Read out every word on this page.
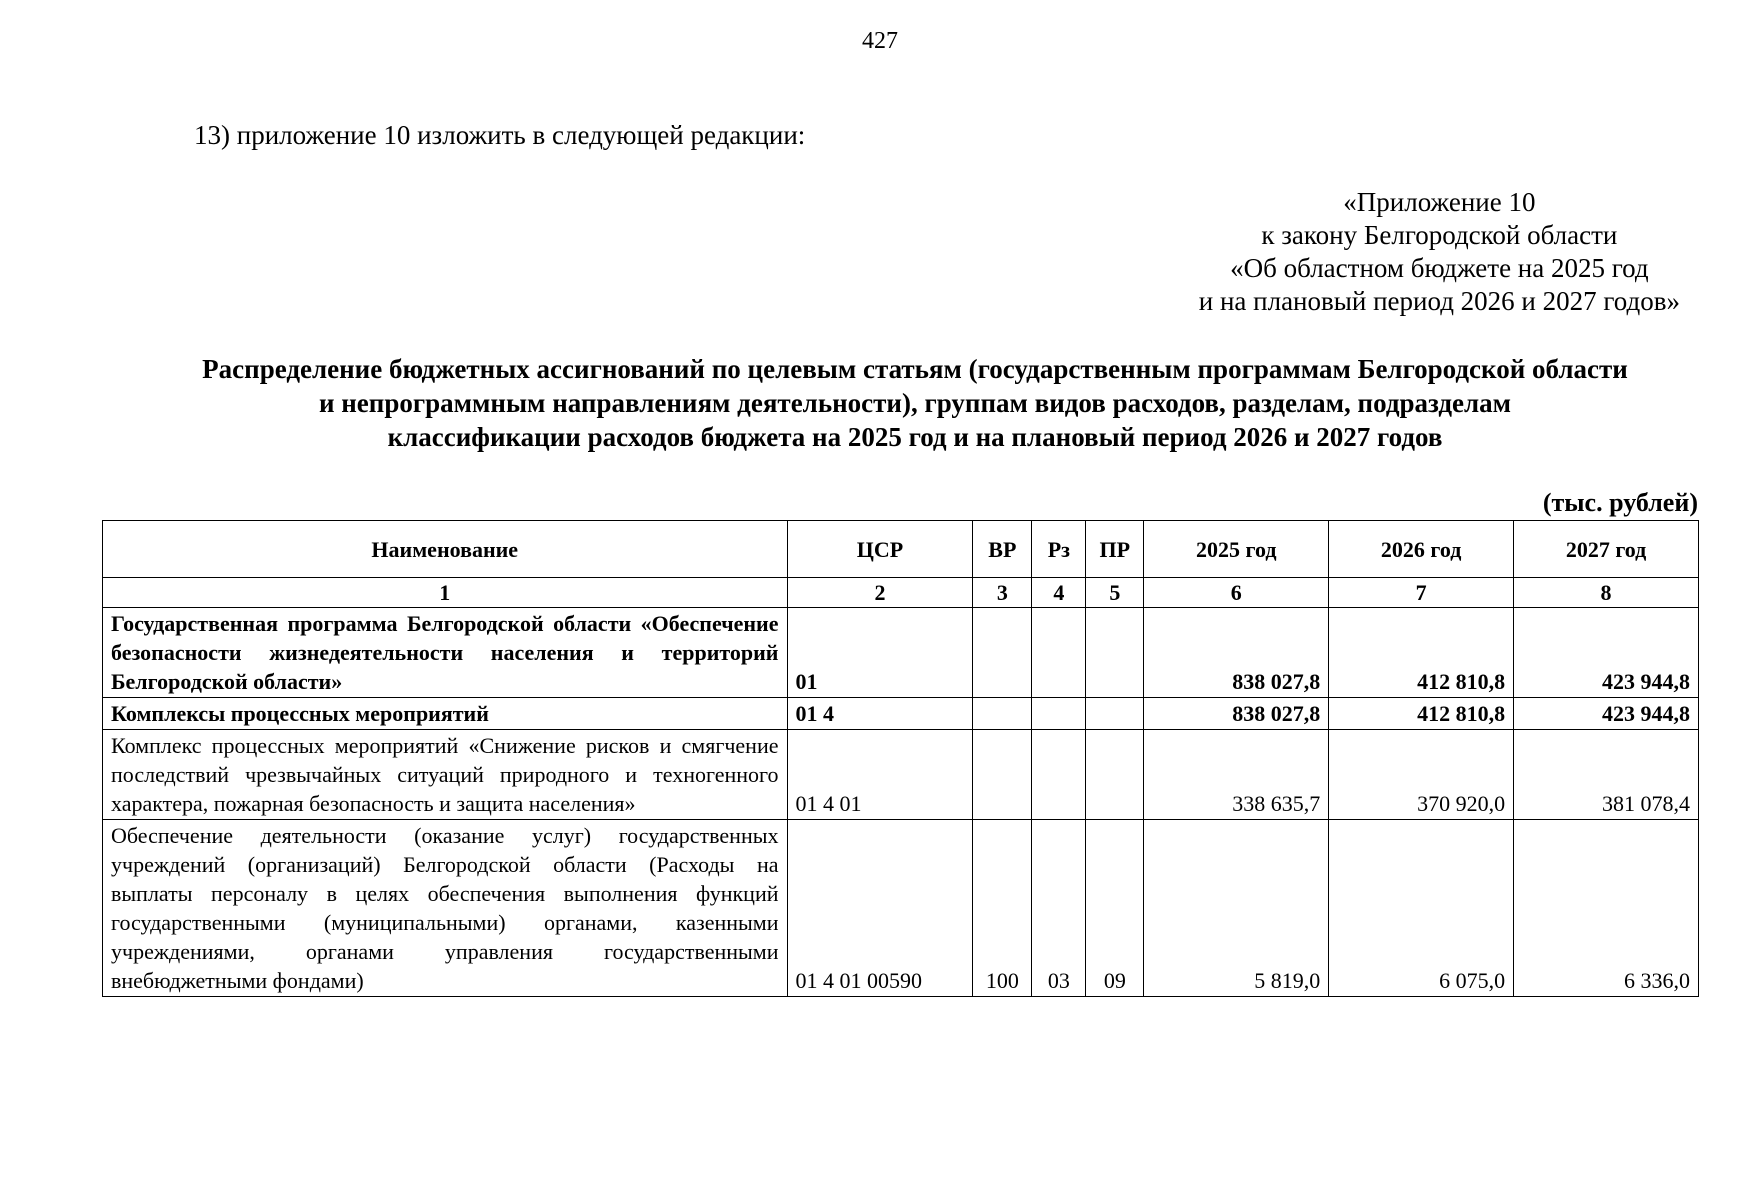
427
13) приложение 10 изложить в следующей редакции:
«Приложение 10
к закону Белгородской области
«Об областном бюджете на 2025 год
и на плановый период 2026 и 2027 годов»
Распределение бюджетных ассигнований по целевым статьям (государственным программам Белгородской области
и непрограммным направлениям деятельности), группам видов расходов, разделам, подразделам
классификации расходов бюджета на 2025 год и на плановый период 2026 и 2027 годов
(тыс. рублей)
Наименование	ЦСР	ВР	Рз	ПР	2025 год	2026 год	2027 год
1	2	3	4	5	6	7	8
Государственная программа Белгородской области «Обеспечение безопасности жизнедеятельности населения и территорий Белгородской области»	01				838 027,8	412 810,8	423 944,8
Комплексы процессных мероприятий	01 4				838 027,8	412 810,8	423 944,8
Комплекс процессных мероприятий «Снижение рисков и смягчение последствий чрезвычайных ситуаций природного и техногенного характера, пожарная безопасность и защита населения»	01 4 01				338 635,7	370 920,0	381 078,4
Обеспечение деятельности (оказание услуг) государственных учреждений (организаций) Белгородской области (Расходы на выплаты персоналу в целях обеспечения выполнения функций государственными (муниципальными) органами, казенными учреждениями, органами управления государственными внебюджетными фондами)	01 4 01 00590	100	03	09	5 819,0	6 075,0	6 336,0
